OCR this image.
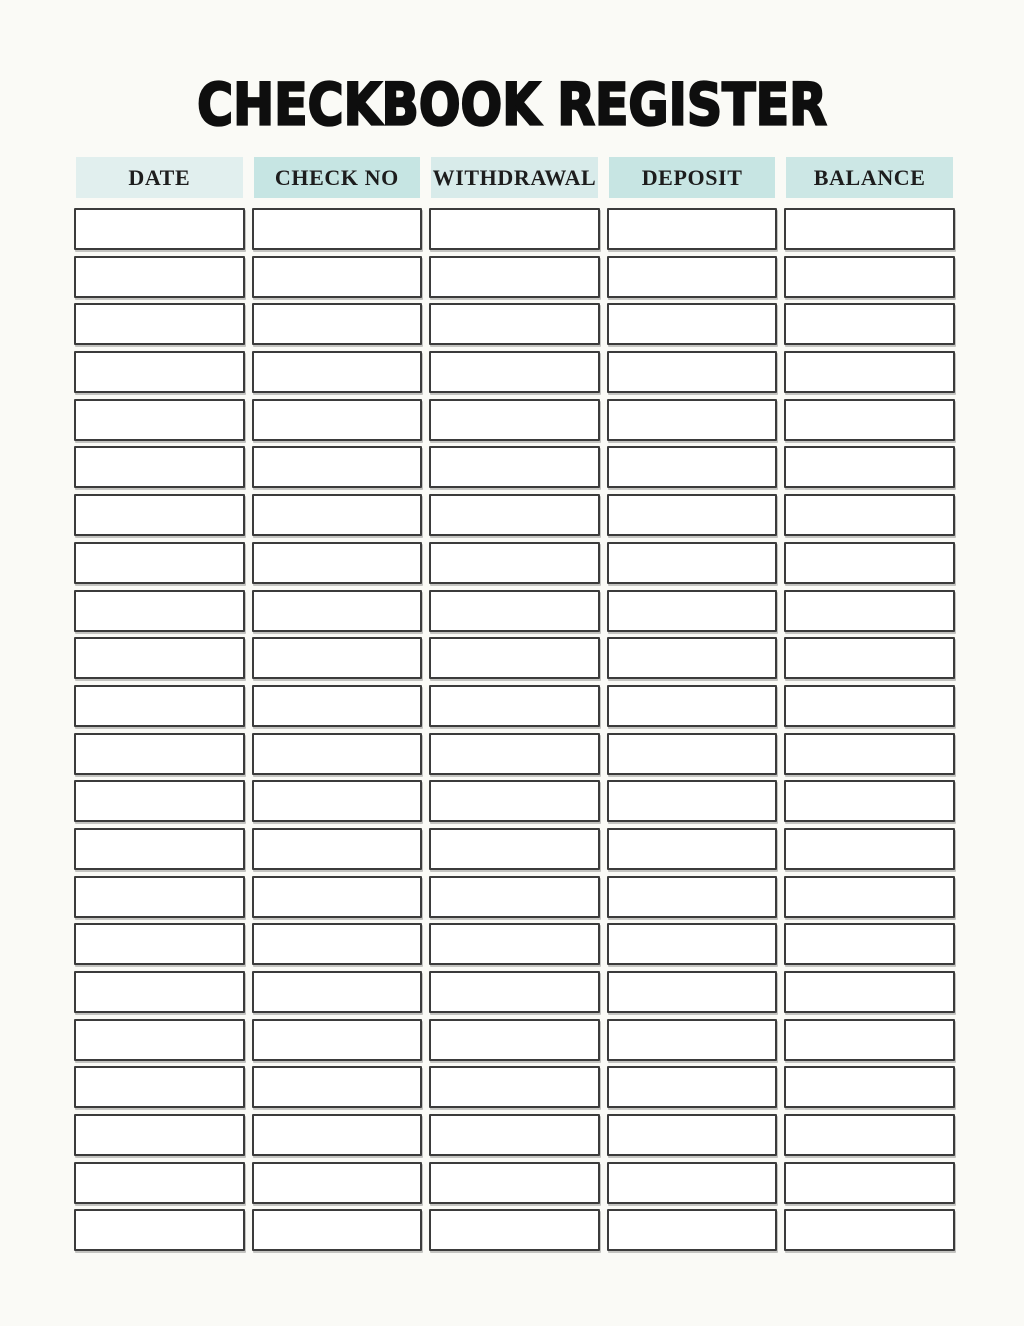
CHECKBOOK REGISTER
DATE	CHECK NO	WITHDRAWAL	DEPOSIT	BALANCE
